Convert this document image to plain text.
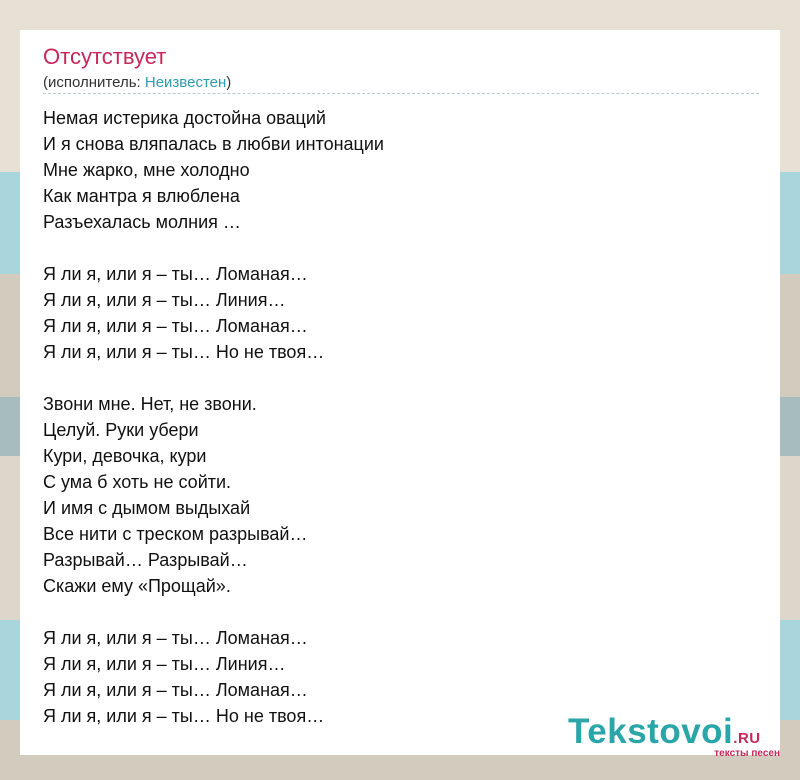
Отсутствует
(исполнитель: Неизвестен)
Немая истерика достойна оваций
И я снова вляпалась в любви интонации
Мне жарко, мне холодно
Как мантра я влюблена
Разъехалась молния …
Я ли я, или я – ты… Ломаная…
Я ли я, или я – ты… Линия…
Я ли я, или я – ты… Ломаная…
Я ли я, или я – ты… Но не твоя…
Звони мне. Нет, не звони.
Целуй. Руки убери
Кури, девочка, кури
С ума б хоть не сойти.
И имя с дымом выдыхай
Все нити с треском разрывай…
Разрывай… Разрывай…
Скажи ему «Прощай».
Я ли я, или я – ты… Ломаная…
Я ли я, или я – ты… Линия…
Я ли я, или я – ты… Ломаная…
Я ли я, или я – ты… Но не твоя…	Tekstovoi.RU
тексты песен
